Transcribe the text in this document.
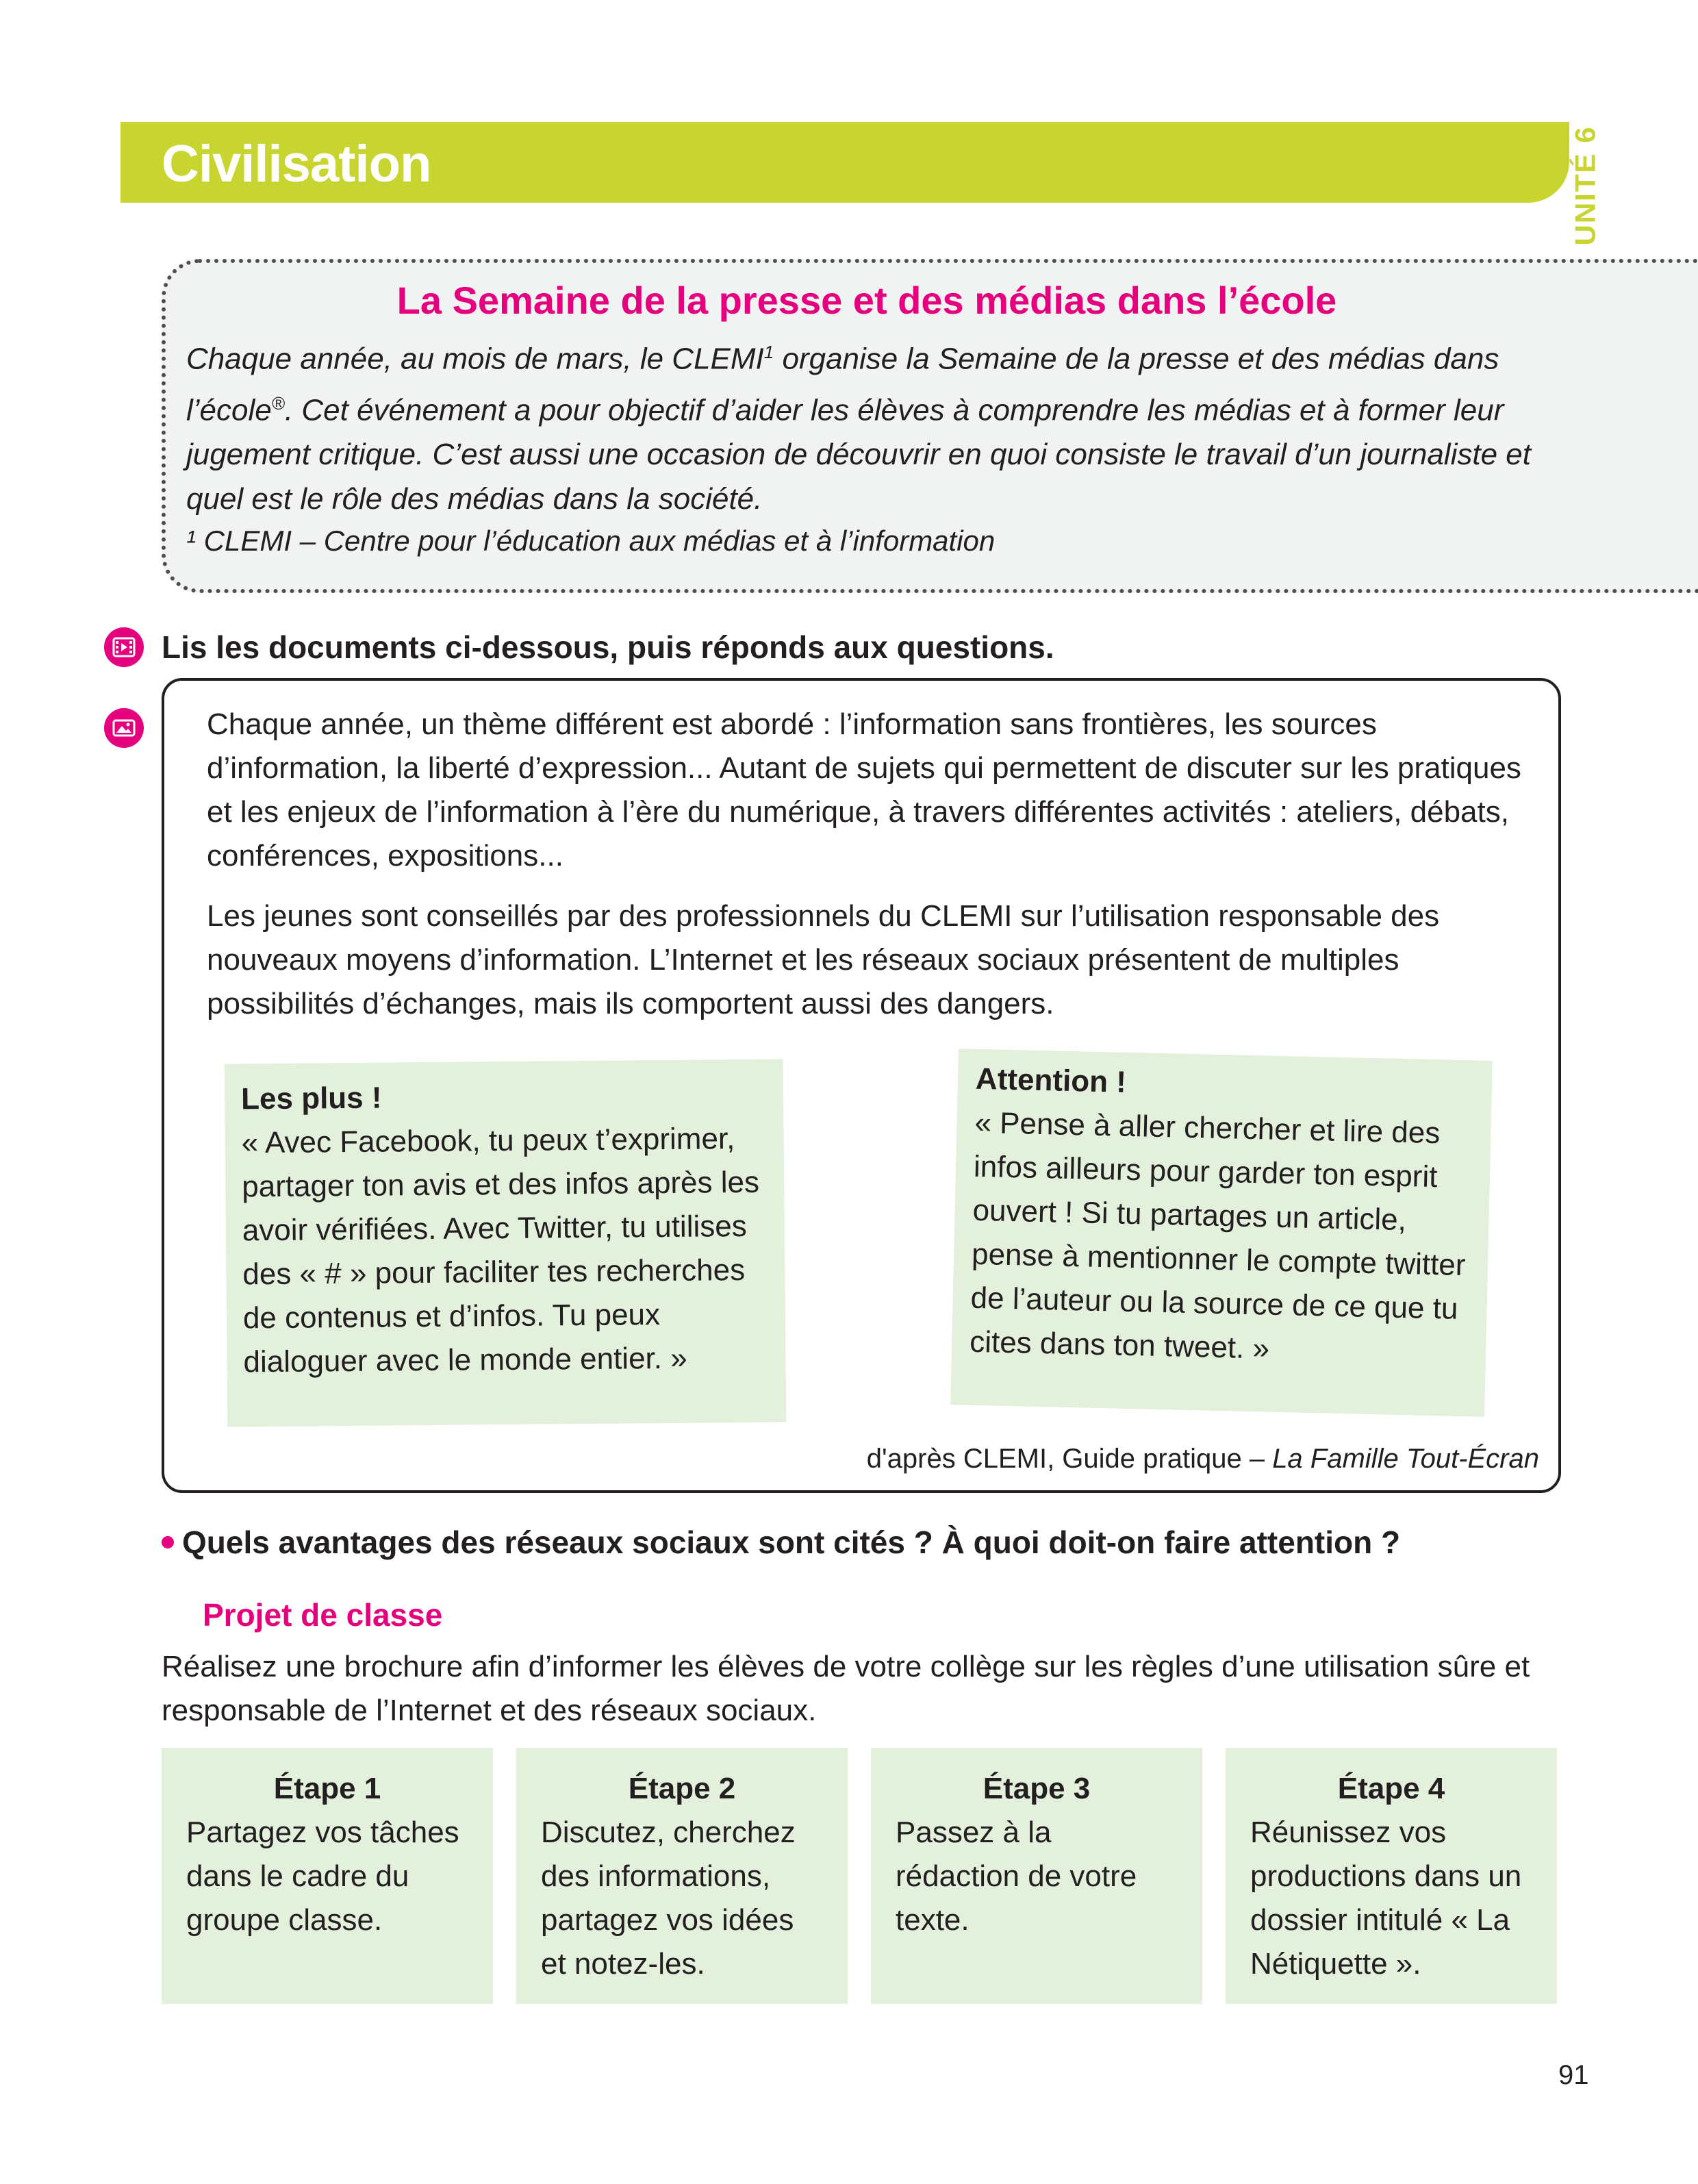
Civilisation	UNITÉ 6
La Semaine de la presse et des médias dans l’école

Chaque année, au mois de mars, le CLEMI$^1$ organise la Semaine de la presse et des médias dans l’école®. Cet événement a pour objectif d’aider les élèves à comprendre les médias et à former leur jugement critique. C’est aussi une occasion de découvrir en quoi consiste le travail d’un journaliste et quel est le rôle des médias dans la société.

¹ CLEMI – Centre pour l’éducation aux médias et à l’information
Lis les documents ci-dessous, puis réponds aux questions.

Chaque année, un thème différent est abordé : l’information sans frontières, les sources d’information, la liberté d’expression... Autant de sujets qui permettent de discuter sur les pratiques et les enjeux de l’information à l’ère du numérique, à travers différentes activités : ateliers, débats, conférences, expositions...

Les jeunes sont conseillés par des professionnels du CLEMI sur l’utilisation responsable des nouveaux moyens d’information. L’Internet et les réseaux sociaux présentent de multiples possibilités d’échanges, mais ils comportent aussi des dangers.

Les plus !
« Avec Facebook, tu peux t’exprimer, partager ton avis et des infos après les avoir vérifiées. Avec Twitter, tu utilises des « # » pour faciliter tes recherches de contenus et d’infos. Tu peux dialoguer avec le monde entier. »
Attention !
« Pense à aller chercher et lire des infos ailleurs pour garder ton esprit ouvert ! Si tu partages un article, pense à mentionner le compte twitter de l’auteur ou la source de ce que tu cites dans ton tweet. »
d'après CLEMI, Guide pratique – La Famille Tout-Écran
Quels avantages des réseaux sociaux sont cités ? À quoi doit-on faire attention ?
Projet de classe
Réalisez une brochure afin d’informer les élèves de votre collège sur les règles d’une utilisation sûre et responsable de l’Internet et des réseaux sociaux.
Étape 1
Partagez vos tâches dans le cadre du groupe classe.
Étape 2
Discutez, cherchez des informations, partagez vos idées et notez-les.
Étape 3
Passez à la rédaction de votre texte.
Étape 4
Réunissez vos productions dans un dossier intitulé « La Nétiquette ».
91
